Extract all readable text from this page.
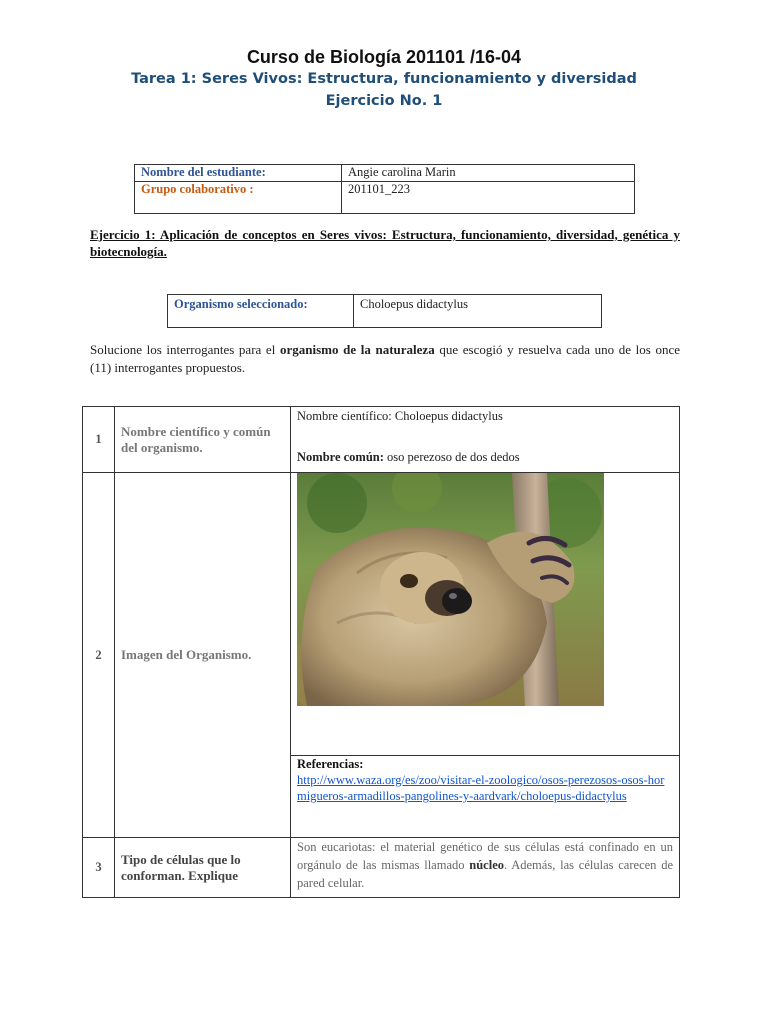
Curso de Biología 201101 /16-04
Tarea 1: Seres Vivos: Estructura, funcionamiento y diversidad
Ejercicio No. 1
Nombre del estudiante:	Angie carolina Marin
Grupo colaborativo :	201101_223
Ejercicio 1: Aplicación de conceptos en Seres vivos: Estructura, funcionamiento, diversidad, genética y biotecnología.
Organismo seleccionado:	Choloepus didactylus
Solucione los interrogantes para el organismo de la naturaleza que escogió y resuelva cada uno de los once (11) interrogantes propuestos.
1	Nombre científico y común del organismo.	Nombre científico: Choloepus didactylus
Nombre común: oso perezoso de dos dedos

2	Imagen del Organismo.	

		Referencias:
http://www.waza.org/es/zoo/visitar-el-zoologico/osos-perezosos-osos-hormigueros-armadillos-pangolines-y-aardvark/choloepus-didactylus
3	Tipo de células que lo conforman. Explique	Son eucariotas: el material genético de sus células está confinado en un orgánulo de las mismas llamado núcleo. Además, las células carecen de pared celular.
